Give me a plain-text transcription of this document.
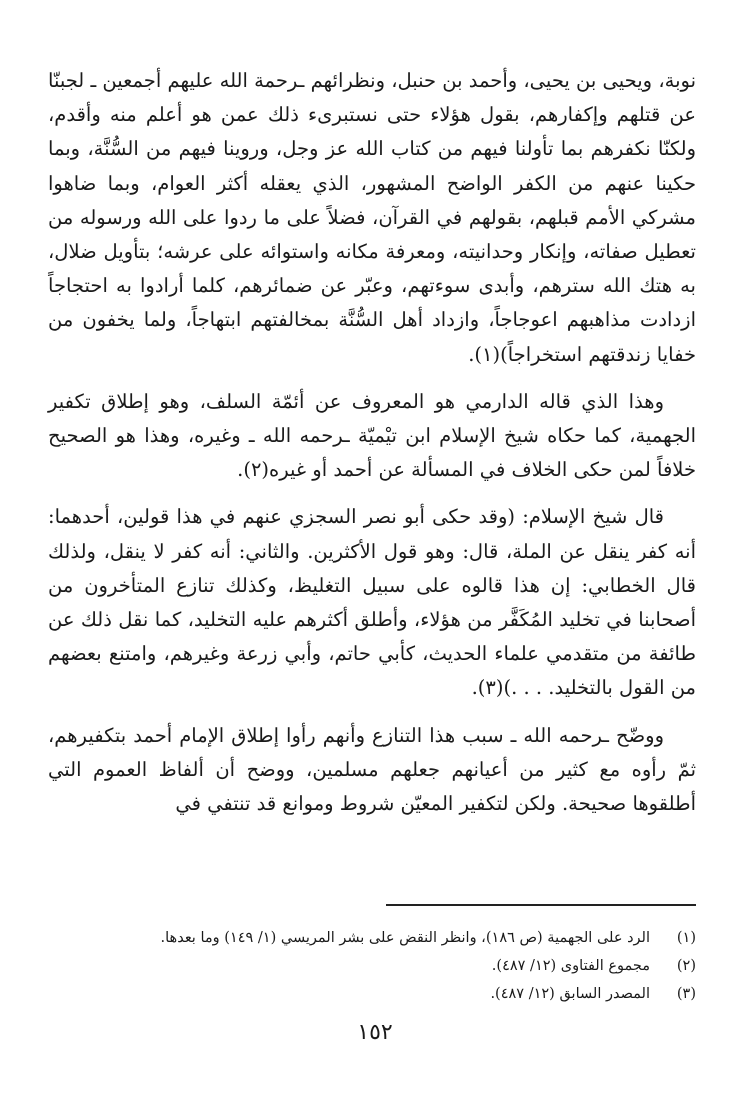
نوبة، ويحيى بن يحيى، وأحمد بن حنبل، ونظرائهم ـرحمة الله عليهم أجمعين ـ لجبنّا عن قتلهم وإكفارهم، بقول هؤلاء حتى نستبرىء ذلك عمن هو أعلم منه وأقدم، ولكنّا نكفرهم بما تأولنا فيهم من كتاب الله عز وجل، وروينا فيهم من السُّنَّة، وبما حكينا عنهم من الكفر الواضح المشهور، الذي يعقله أكثر العوام، وبما ضاهوا مشركي الأمم قبلهم، بقولهم في القرآن، فضلاً على ما ردوا على الله ورسوله من تعطيل صفاته، وإنكار وحدانيته، ومعرفة مكانه واستوائه على عرشه؛ بتأويل ضلال، به هتك الله سترهم، وأبدى سوءتهم، وعبّر عن ضمائرهم، كلما أرادوا به احتجاجاً ازدادت مذاهبهم اعوجاجاً، وازداد أهل السُّنَّة بمخالفتهم ابتهاجاً، ولما يخفون من خفايا زندقتهم استخراجاً)(١).

وهذا الذي قاله الدارمي هو المعروف عن أئمّة السلف، وهو إطلاق تكفير الجهمية، كما حكاه شيخ الإسلام ابن تيْميّة ـرحمه الله ـ وغيره، وهذا هو الصحيح خلافاً لمن حكى الخلاف في المسألة عن أحمد أو غيره(٢).

قال شيخ الإسلام: (وقد حكى أبو نصر السجزي عنهم في هذا قولين، أحدهما: أنه كفر ينقل عن الملة، قال: وهو قول الأكثرين. والثاني: أنه كفر لا ينقل، ولذلك قال الخطابي: إن هذا قالوه على سبيل التغليظ، وكذلك تنازع المتأخرون من أصحابنا في تخليد المُكَفَّر من هؤلاء، وأطلق أكثرهم عليه التخليد، كما نقل ذلك عن طائفة من متقدمي علماء الحديث، كأبي حاتم، وأبي زرعة وغيرهم، وامتنع بعضهم من القول بالتخليد. . . .)(٣).

ووضّح ـرحمه الله ـ سبب هذا التنازع وأنهم رأوا إطلاق الإمام أحمد بتكفيرهم، ثمّ رأوه مع كثير من أعيانهم جعلهم مسلمين، ووضح أن ألفاظ العموم التي أطلقوها صحيحة. ولكن لتكفير المعيّن شروط وموانع قد تنتفي في

(١)
الرد على الجهمية (ص ١٨٦)، وانظر النقض على بشر المريسي (١/ ١٤٩) وما بعدها.
(٢)
مجموع الفتاوى (١٢/ ٤٨٧).
(٣)
المصدر السابق (١٢/ ٤٨٧).
١٥٢
